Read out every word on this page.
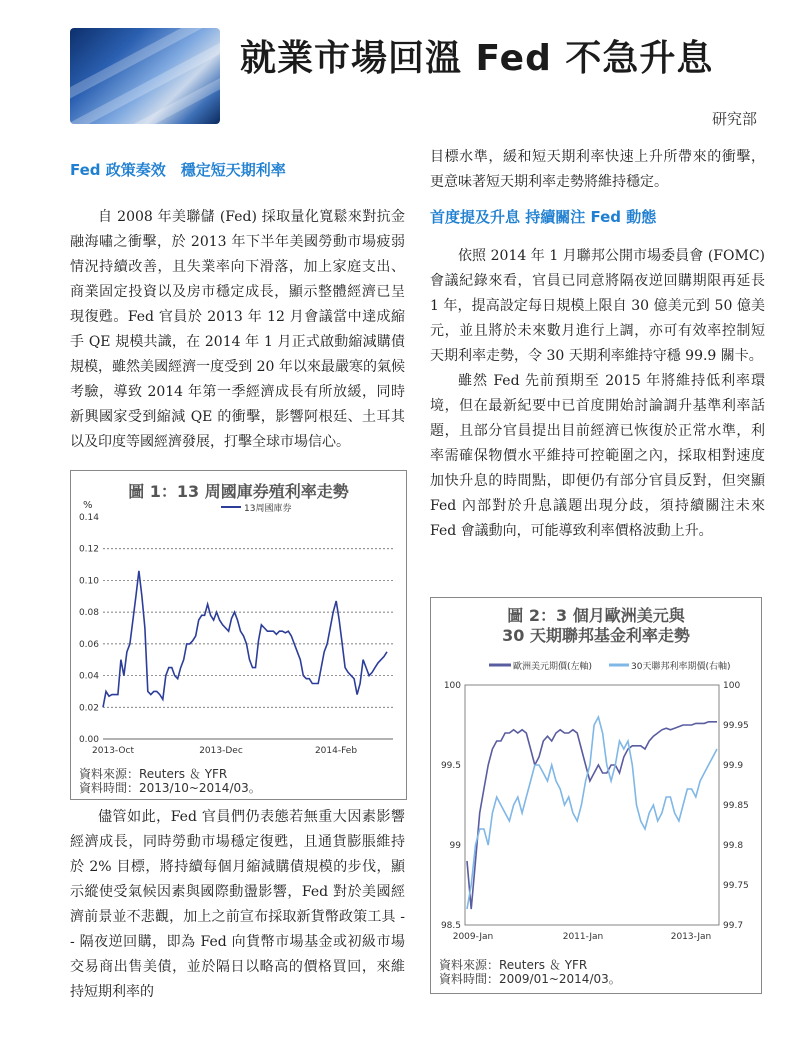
就業市場回溫 Fed 不急升息
研究部
Fed 政策奏效　穩定短天期利率

自 2008 年美聯儲 (Fed) 採取量化寬鬆來對抗金融海嘯之衝擊，於 2013 年下半年美國勞動市場疲弱情況持續改善，且失業率向下滑落，加上家庭支出、商業固定投資以及房市穩定成長，顯示整體經濟已呈現復甦。Fed 官員於 2013 年 12 月會議當中達成縮手 QE 規模共識，在 2014 年 1 月正式啟動縮減購債規模，雖然美國經濟一度受到 20 年以來最嚴寒的氣候考驗，導致 2014 年第一季經濟成長有所放緩，同時新興國家受到縮減 QE 的衝擊，影響阿根廷、土耳其以及印度等國經濟發展，打擊全球市場信心。

圖 1：13 周國庫券殖利率走勢
13周國庫券
%
0.14
0.12
0.10
0.08
0.06
0.04
0.02
0.00
2013-Oct	2013-Dec	2014-Feb
資料來源：Reuters ＆ YFR
資料時間：2013/10~2014/03。

儘管如此，Fed 官員們仍表態若無重大因素影響經濟成長，同時勞動市場穩定復甦，且通貨膨脹維持於 2% 目標，將持續每個月縮減購債規模的步伐，顯示縱使受氣候因素與國際動盪影響，Fed 對於美國經濟前景並不悲觀，加上之前宣布採取新貨幣政策工具 -- 隔夜逆回購，即為 Fed 向貨幣市場基金或初級市場交易商出售美債，並於隔日以略高的價格買回，來維持短期利率的

目標水準，緩和短天期利率快速上升所帶來的衝擊，更意味著短天期利率走勢將維持穩定。
首度提及升息 持續關注 Fed 動態

依照 2014 年 1 月聯邦公開市場委員會 (FOMC) 會議紀錄來看，官員已同意將隔夜逆回購期限再延長 1 年，提高設定每日規模上限自 30 億美元到 50 億美元，並且將於未來數月進行上調，亦可有效率控制短天期利率走勢，令 30 天期利率維持守穩 99.9 關卡。

雖然 Fed 先前預期至 2015 年將維持低利率環境，但在最新紀要中已首度開始討論調升基準利率話題，且部分官員提出目前經濟已恢復於正常水準，利率需確保物價水平維持可控範圍之內，採取相對速度加快升息的時間點，即便仍有部分官員反對，但突顯 Fed 內部對於升息議題出現分歧，須持續關注未來 Fed 會議動向，可能導致利率價格波動上升。

圖 2：3 個月歐洲美元與
30 天期聯邦基金利率走勢
歐洲美元期價(左軸)	30天聯邦利率期價(右軸)
100
99.5
99
98.5
100
99.95
99.9
99.85
99.8
99.75
99.7
2009-Jan	2011-Jan	2013-Jan
資料來源：Reuters ＆ YFR
資料時間：2009/01~2014/03。
